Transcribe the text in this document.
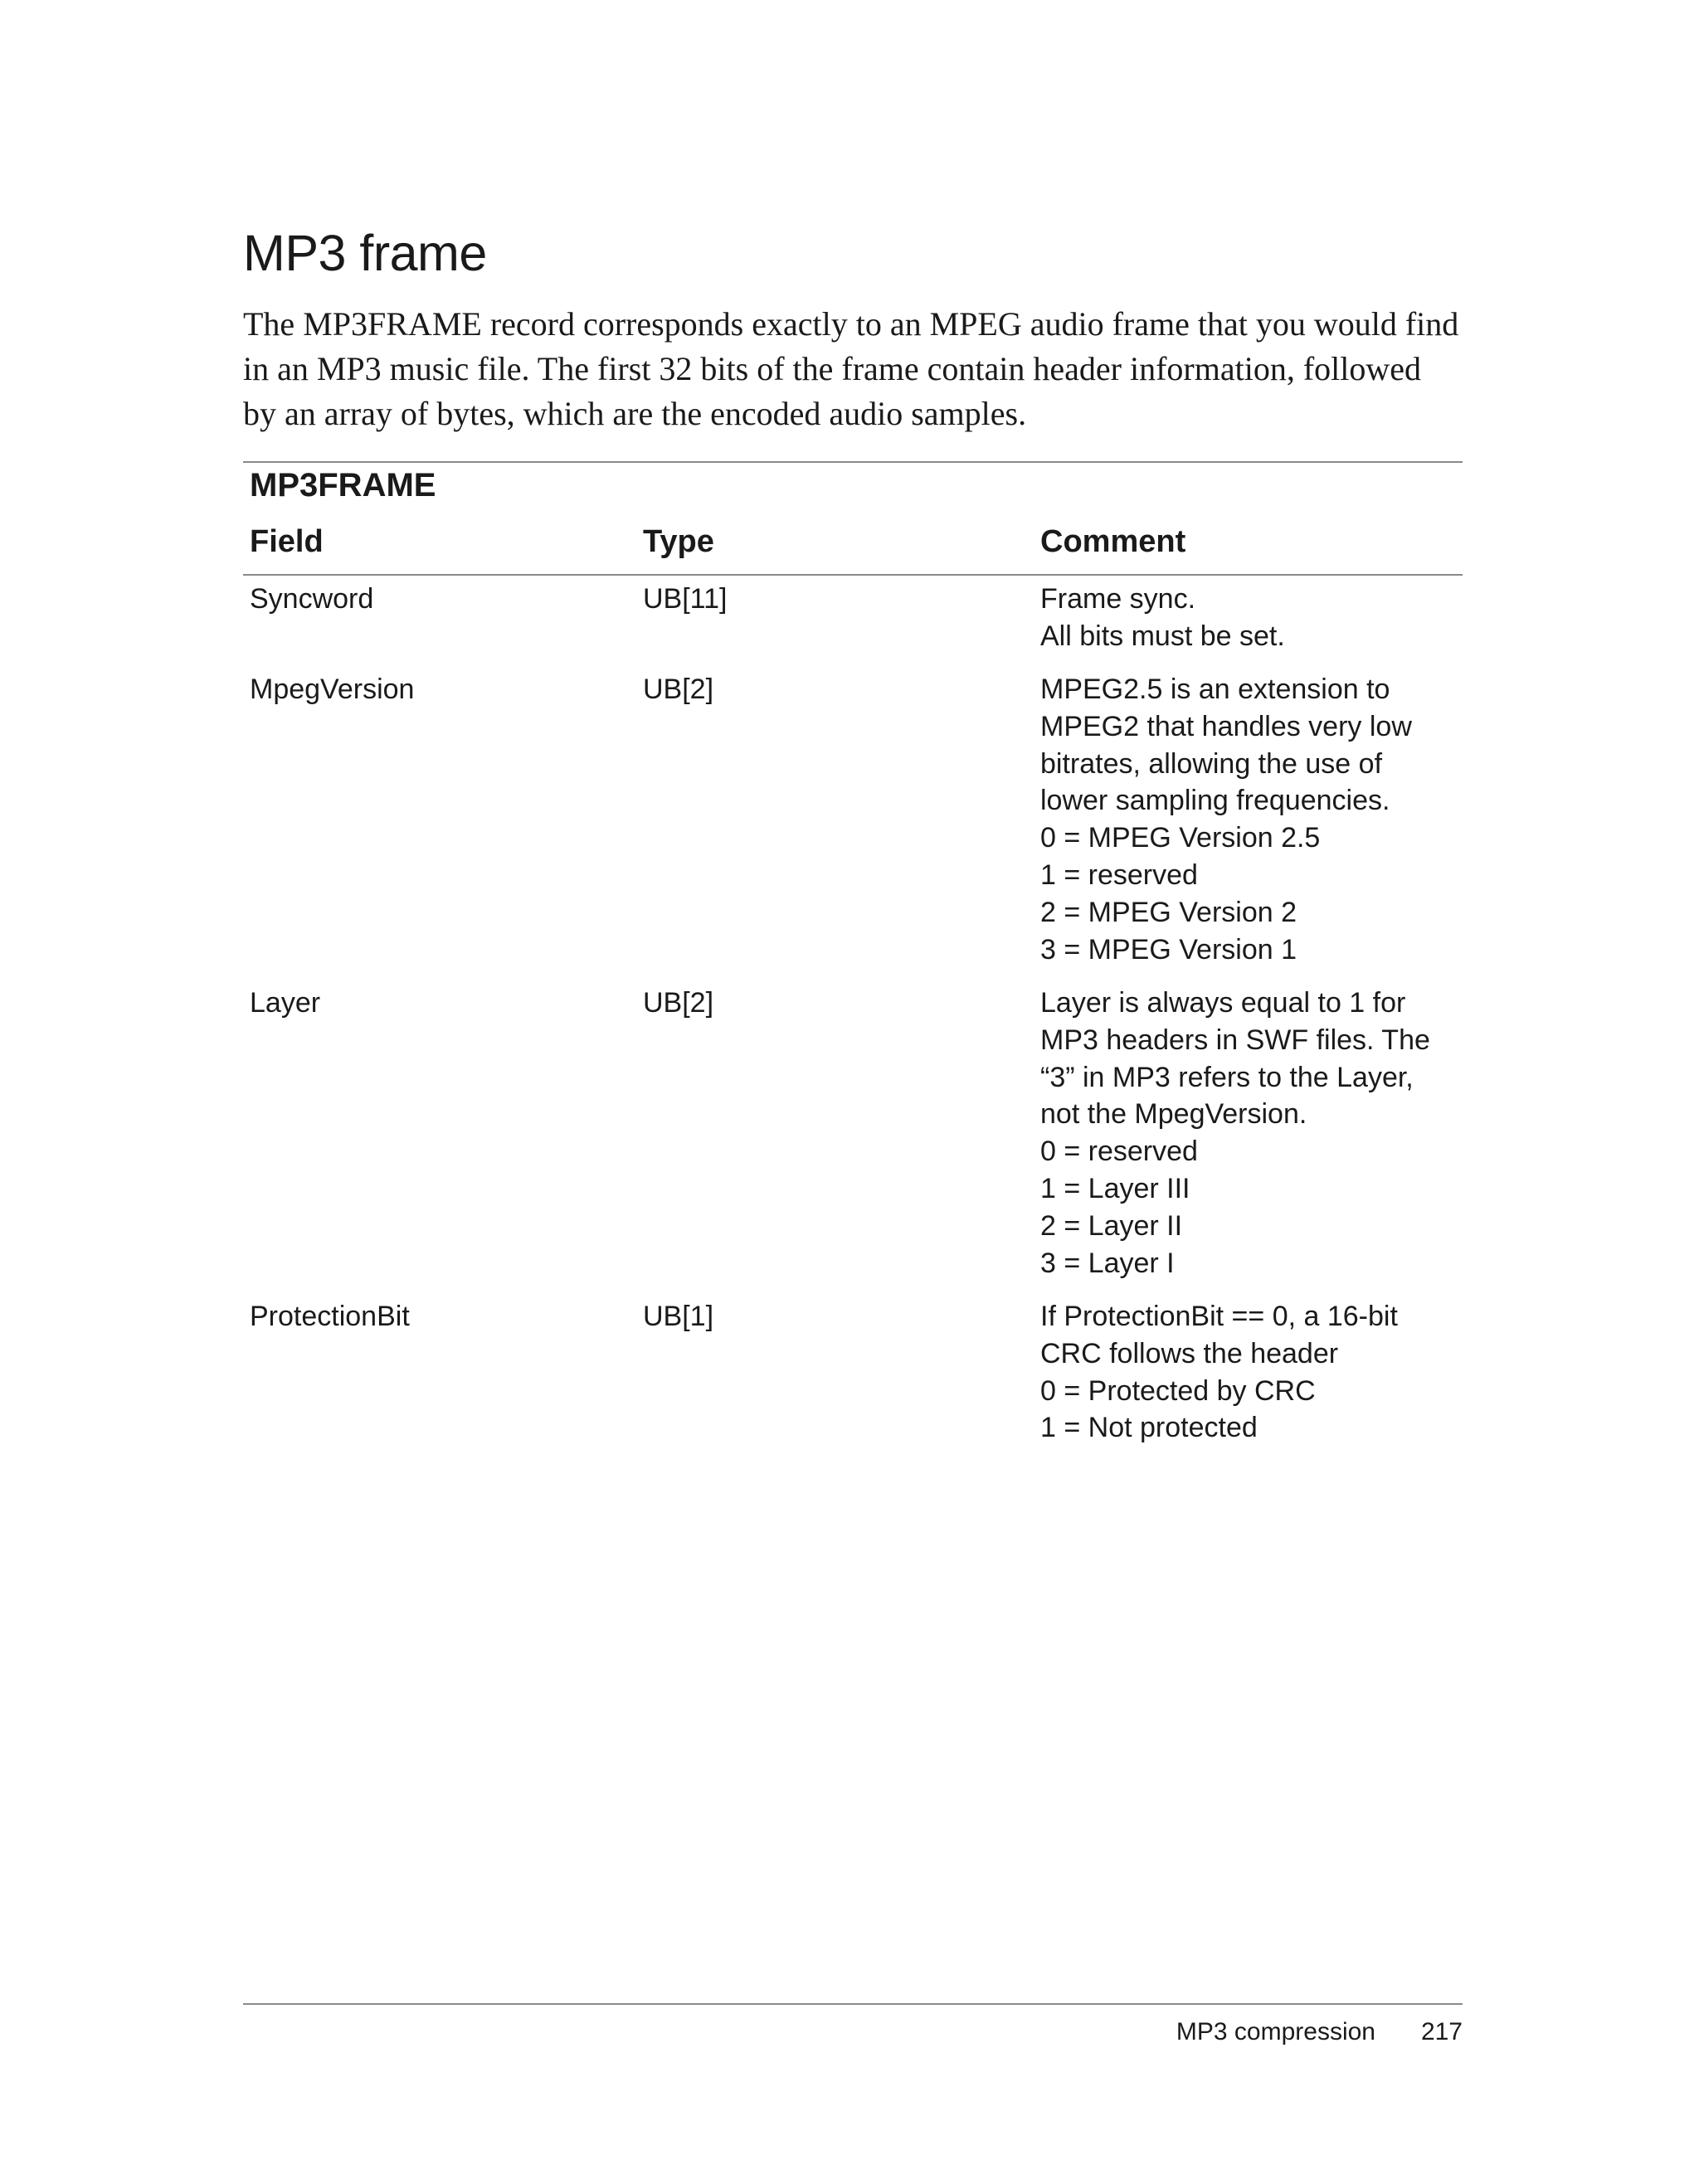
MP3 frame

The MP3FRAME record corresponds exactly to an MPEG audio frame that you would find in an MP3 music file. The first 32 bits of the frame contain header information, followed by an array of bytes, which are the encoded audio samples.

MP3FRAME
Field	Type	Comment
Syncword	UB[11]	Frame sync.
All bits must be set.
MpegVersion	UB[2]	MPEG2.5 is an extension to
MPEG2 that handles very low
bitrates, allowing the use of
lower sampling frequencies.
0 = MPEG Version 2.5
1 = reserved
2 = MPEG Version 2
3 = MPEG Version 1
Layer	UB[2]	Layer is always equal to 1 for
MP3 headers in SWF files. The
“3” in MP3 refers to the Layer,
not the MpegVersion.
0 = reserved
1 = Layer III
2 = Layer II
3 = Layer I
ProtectionBit	UB[1]	If ProtectionBit == 0, a 16-bit
CRC follows the header
0 = Protected by CRC
1 = Not protected
MP3 compression 217
